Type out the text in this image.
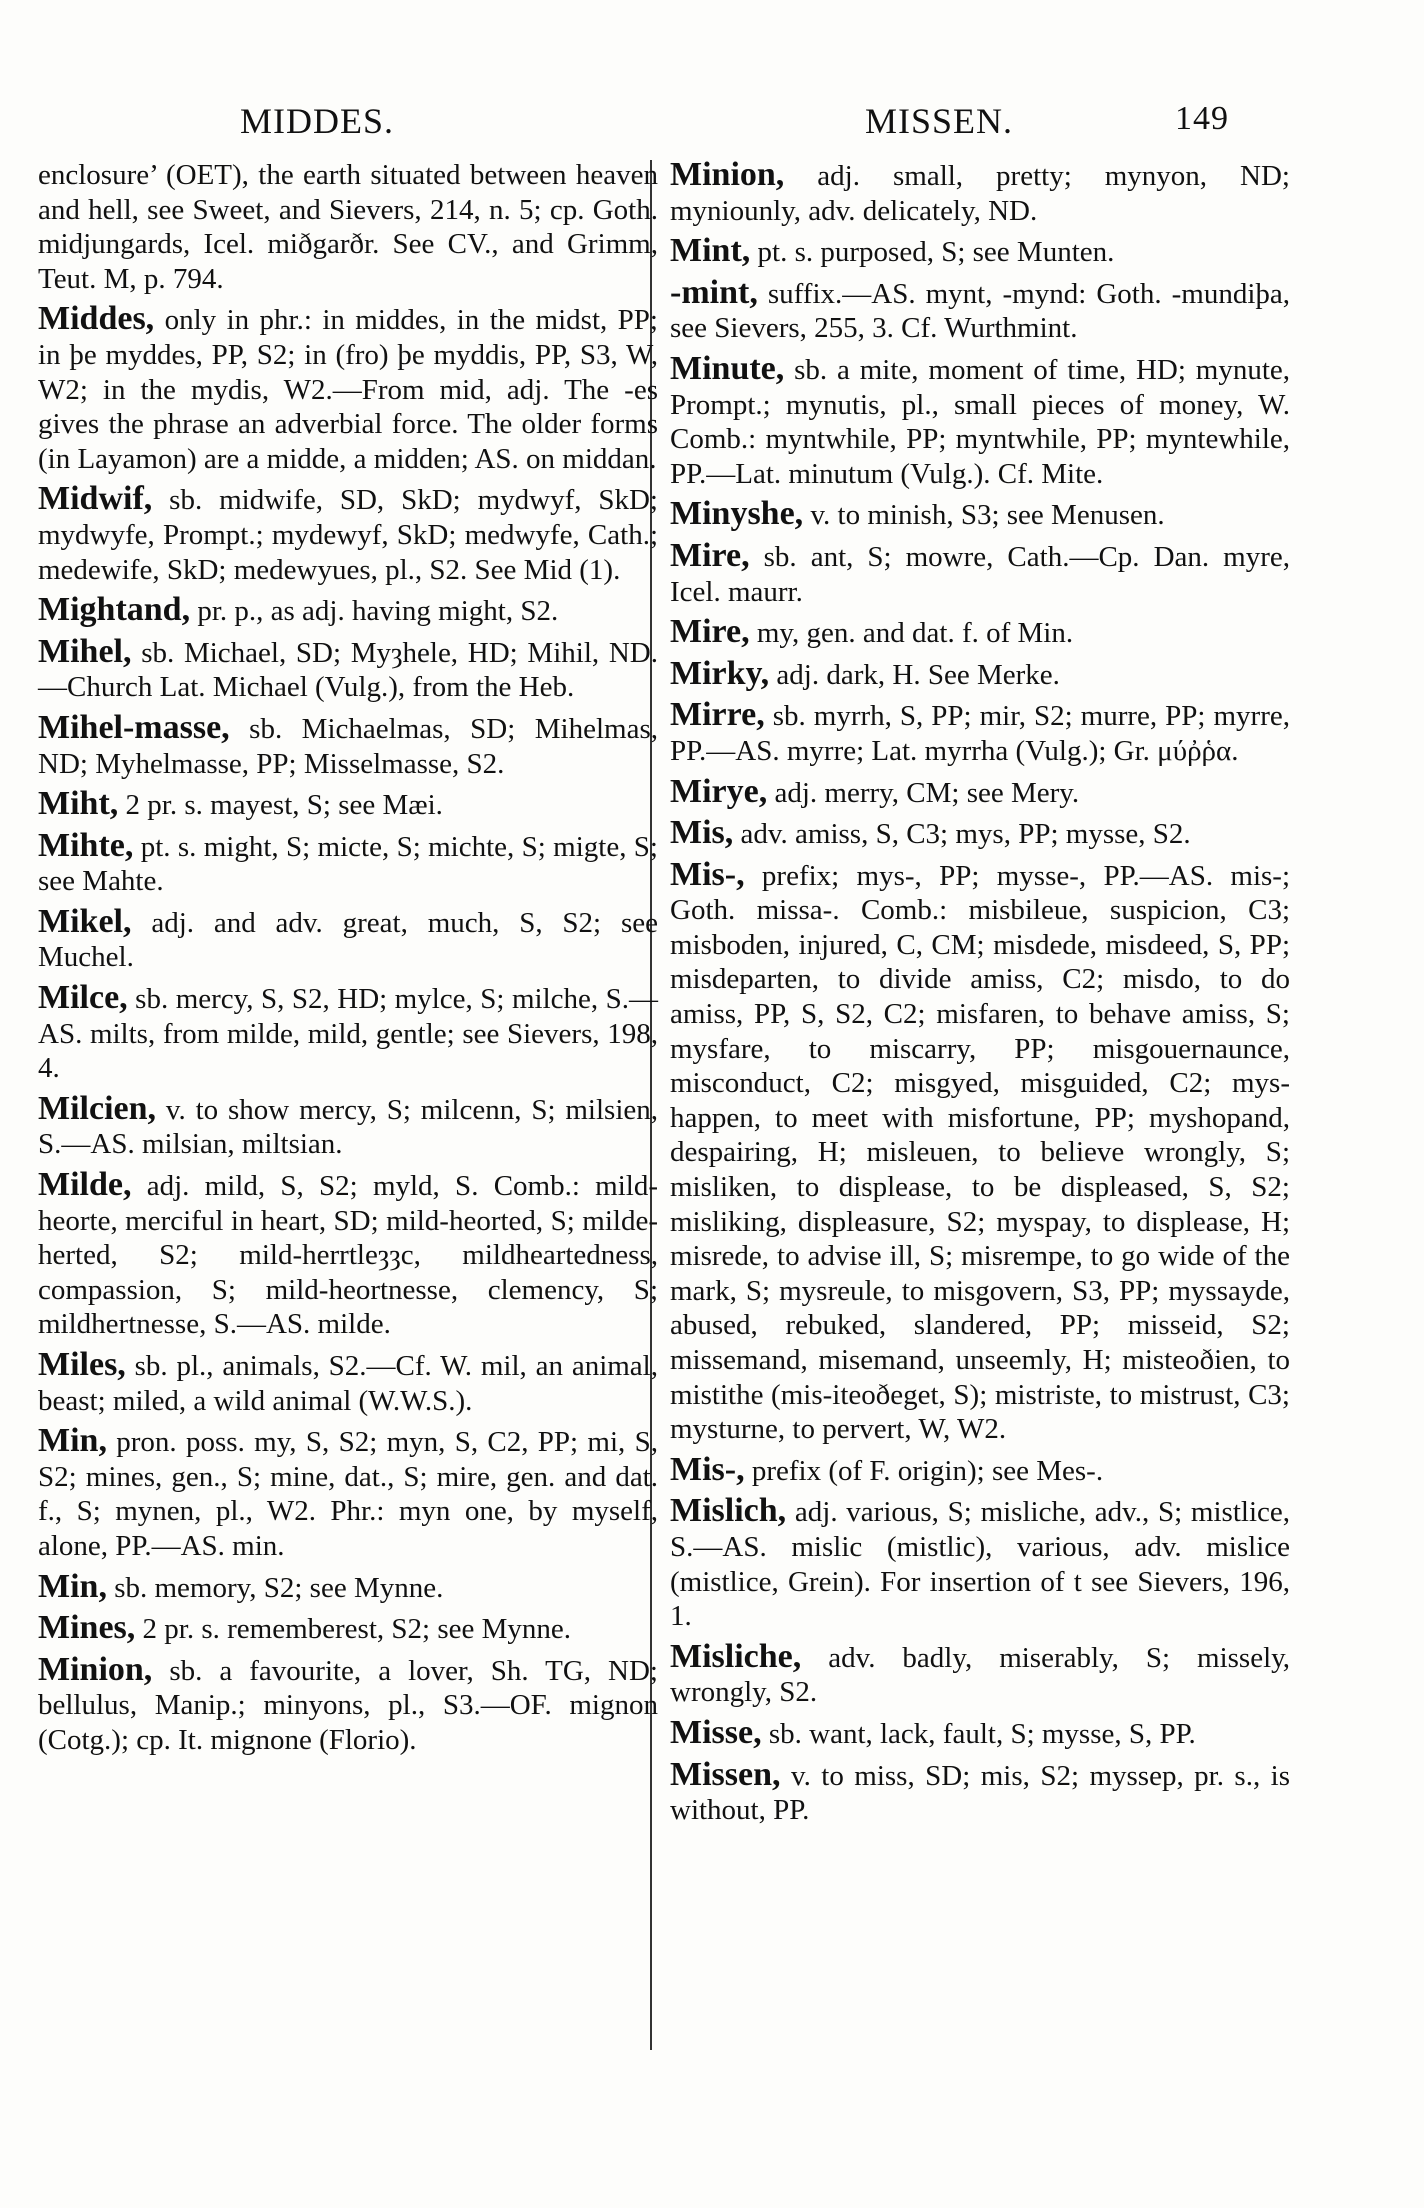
MIDDES.	MISSEN.	149

enclosure’ (OET), the earth situated between heaven and hell, see Sweet, and Sievers, 214, n. 5; cp. Goth. midjungards, Icel. miðgarðr. See CV., and Grimm, Teut. M, p. 794.

Middes, only in phr.: in middes, in the midst, PP; in þe myddes, PP, S2; in (fro) þe myddis, PP, S3, W, W2; in the mydis, W2.—From mid, adj. The -es gives the phrase an adverbial force. The older forms (in Layamon) are a midde, a midden; AS. on middan.

Midwif, sb. midwife, SD, SkD; mydwyf, SkD; mydwyfe, Prompt.; mydewyf, SkD; medwyfe, Cath.; medewife, SkD; medewyues, pl., S2. See Mid (1).

Mightand, pr. p., as adj. having might, S2.

Mihel, sb. Michael, SD; Myȝhele, HD; Mihil, ND.—Church Lat. Michael (Vulg.), from the Heb.

Mihel-masse, sb. Michaelmas, SD; Mihelmas, ND; Myhelmasse, PP; Misselmasse, S2.

Miht, 2 pr. s. mayest, S; see Mæi.

Mihte, pt. s. might, S; micte, S; michte, S; migte, S; see Mahte.

Mikel, adj. and adv. great, much, S, S2; see Muchel.

Milce, sb. mercy, S, S2, HD; mylce, S; milche, S.—AS. milts, from milde, mild, gentle; see Sievers, 198, 4.

Milcien, v. to show mercy, S; milcenn, S; milsien, S.—AS. milsian, miltsian.

Milde, adj. mild, S, S2; myld, S. Comb.: mild-heorte, merciful in heart, SD; mild-heorted, S; milde-herted, S2; mild-herrtleȝȝc, mildheartedness, compassion, S; mild-heortnesse, clemency, S; mildhertnesse, S.—AS. milde.

Miles, sb. pl., animals, S2.—Cf. W. mil, an animal, beast; miled, a wild animal (W.W.S.).

Min, pron. poss. my, S, S2; myn, S, C2, PP; mi, S, S2; mines, gen., S; mine, dat., S; mire, gen. and dat. f., S; mynen, pl., W2. Phr.: myn one, by myself, alone, PP.—AS. min.

Min, sb. memory, S2; see Mynne.

Mines, 2 pr. s. rememberest, S2; see Mynne.

Minion, sb. a favourite, a lover, Sh. TG, ND; bellulus, Manip.; minyons, pl., S3.—OF. mignon (Cotg.); cp. It. mignone (Florio).

Minion, adj. small, pretty; mynyon, ND; myniounly, adv. delicately, ND.

Mint, pt. s. purposed, S; see Munten.

-mint, suffix.—AS. mynt, -mynd: Goth. -mundiþa, see Sievers, 255, 3. Cf. Wurthmint.

Minute, sb. a mite, moment of time, HD; mynute, Prompt.; mynutis, pl., small pieces of money, W. Comb.: myntwhile, PP; myntwhile, PP; myntewhile, PP.—Lat. minutum (Vulg.). Cf. Mite.

Minyshe, v. to minish, S3; see Menusen.

Mire, sb. ant, S; mowre, Cath.—Cp. Dan. myre, Icel. maurr.

Mire, my, gen. and dat. f. of Min.

Mirky, adj. dark, H. See Merke.

Mirre, sb. myrrh, S, PP; mir, S2; murre, PP; myrre, PP.—AS. myrre; Lat. myrrha (Vulg.); Gr. μύῤῥα.

Mirye, adj. merry, CM; see Mery.

Mis, adv. amiss, S, C3; mys, PP; mysse, S2.

Mis-, prefix; mys-, PP; mysse-, PP.—AS. mis-; Goth. missa-. Comb.: misbileue, suspicion, C3; misboden, injured, C, CM; misdede, misdeed, S, PP; misdeparten, to divide amiss, C2; misdo, to do amiss, PP, S, S2, C2; misfaren, to behave amiss, S; mysfare, to miscarry, PP; misgouernaunce, misconduct, C2; misgyed, misguided, C2; mys-happen, to meet with misfortune, PP; myshopand, despairing, H; misleuen, to believe wrongly, S; misliken, to displease, to be displeased, S, S2; misliking, displeasure, S2; myspay, to displease, H; misrede, to advise ill, S; misrempe, to go wide of the mark, S; mysreule, to misgovern, S3, PP; myssayde, abused, rebuked, slandered, PP; misseid, S2; missemand, misemand, unseemly, H; misteoðien, to mistithe (mis-iteoðeget, S); mistriste, to mistrust, C3; mysturne, to pervert, W, W2.

Mis-, prefix (of F. origin); see Mes-.

Mislich, adj. various, S; misliche, adv., S; mistlice, S.—AS. mislic (mistlic), various, adv. mislice (mistlice, Grein). For insertion of t see Sievers, 196, 1.

Misliche, adv. badly, miserably, S; misselу, wrongly, S2.

Misse, sb. want, lack, fault, S; mysse, S, PP.

Missen, v. to miss, SD; mis, S2; myssep, pr. s., is without, PP.
